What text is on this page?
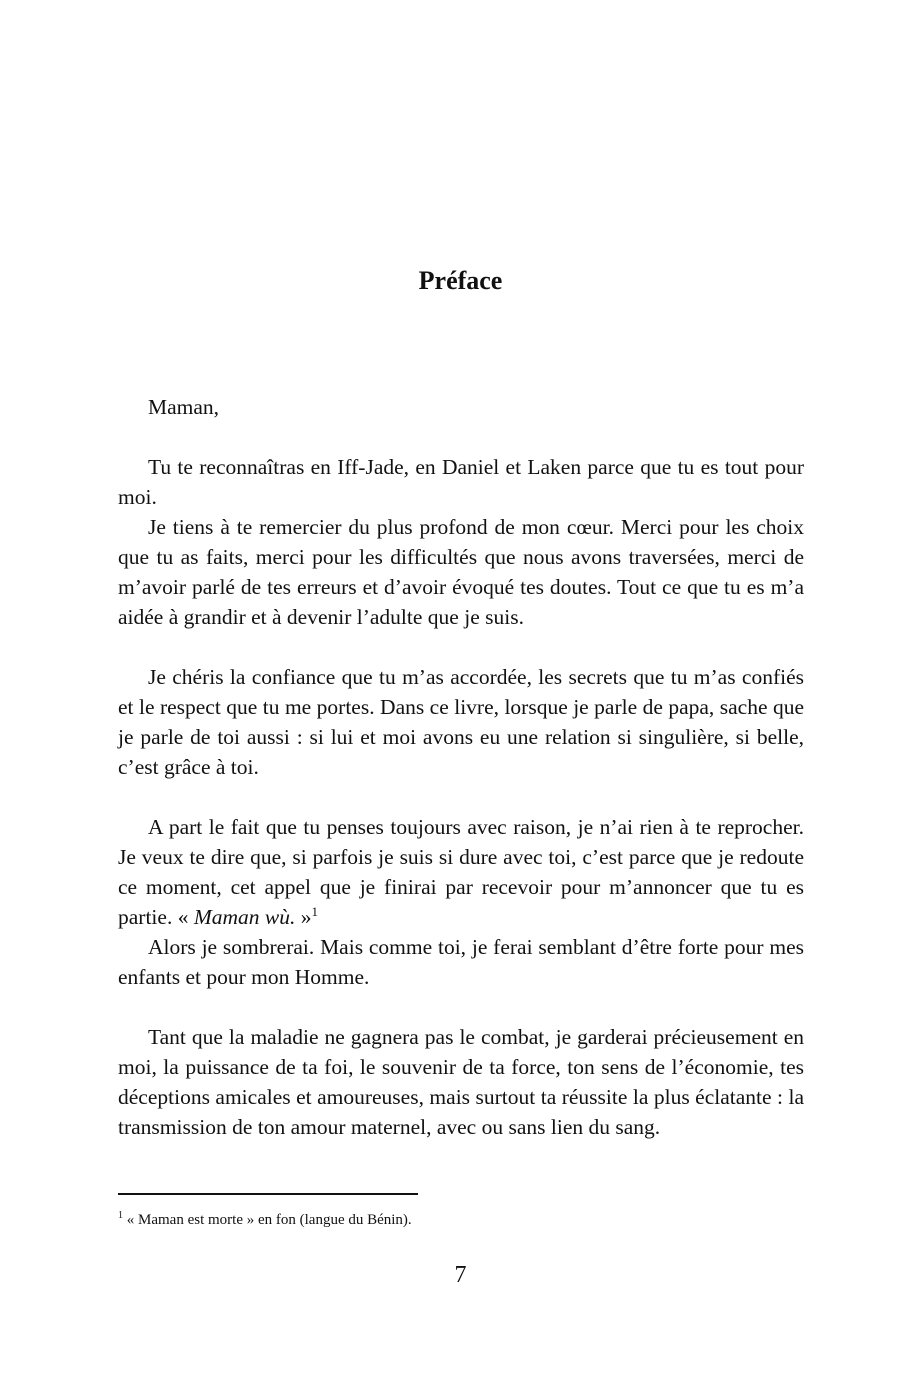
Préface

Maman,

Tu te reconnaîtras en Iff-Jade, en Daniel et Laken parce que tu es tout pour moi.

Je tiens à te remercier du plus profond de mon cœur. Merci pour les choix que tu as faits, merci pour les difficultés que nous avons traversées, merci de m’avoir parlé de tes erreurs et d’avoir évoqué tes doutes. Tout ce que tu es m’a aidée à grandir et à devenir l’adulte que je suis.

Je chéris la confiance que tu m’as accordée, les secrets que tu m’as confiés et le respect que tu me portes. Dans ce livre, lorsque je parle de papa, sache que je parle de toi aussi : si lui et moi avons eu une relation si singulière, si belle, c’est grâce à toi.

A part le fait que tu penses toujours avec raison, je n’ai rien à te reprocher. Je veux te dire que, si parfois je suis si dure avec toi, c’est parce que je redoute ce moment, cet appel que je finirai par recevoir pour m’annoncer que tu es partie. « Maman wù. »$^1$

Alors je sombrerai. Mais comme toi, je ferai semblant d’être forte pour mes enfants et pour mon Homme.

Tant que la maladie ne gagnera pas le combat, je garderai précieusement en moi, la puissance de ta foi, le souvenir de ta force, ton sens de l’économie, tes déceptions amicales et amoureuses, mais surtout ta réussite la plus éclatante : la transmission de ton amour maternel, avec ou sans lien du sang.

$^1$ « Maman est morte » en fon (langue du Bénin).

7
